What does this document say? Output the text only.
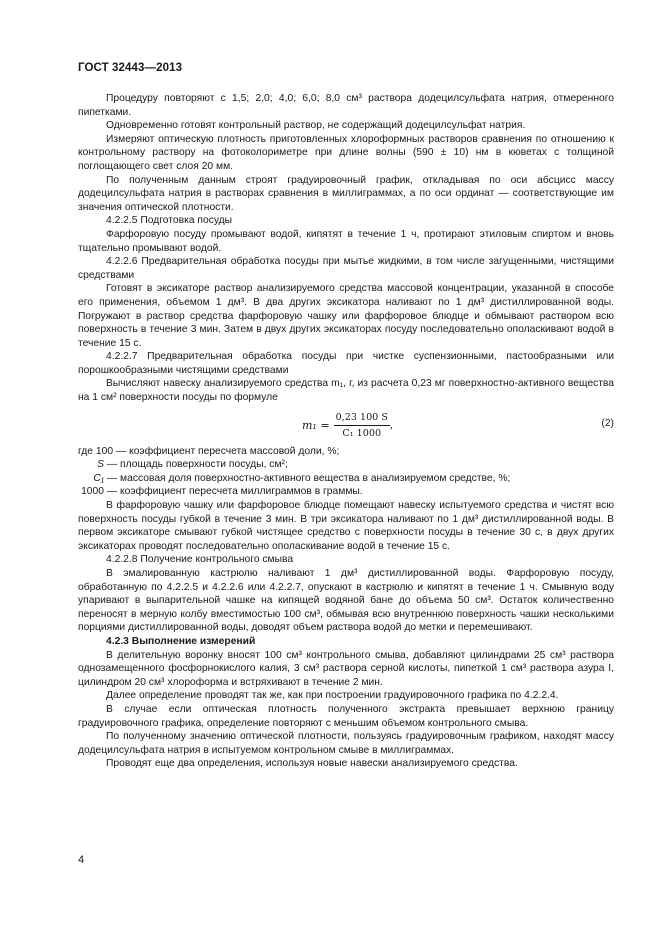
ГОСТ 32443—2013

Процедуру повторяют с 1,5; 2,0; 4,0; 6,0; 8,0 см³ раствора додецилсульфата натрия, отмеренного пипетками.

Одновременно готовят контрольный раствор, не содержащий додецилсульфат натрия.

Измеряют оптическую плотность приготовленных хлороформных растворов сравнения по отношению к контрольному раствору на фотоколориметре при длине волны (590 ± 10) нм в кюветах с толщиной поглощающего свет слоя 20 мм.

По полученным данным строят градуировочный график, откладывая по оси абсцисс массу додецилсульфата натрия в растворах сравнения в миллиграммах, а по оси ординат — соответствующие им значения оптической плотности.

4.2.2.5 Подготовка посуды

Фарфоровую посуду промывают водой, кипятят в течение 1 ч, протирают этиловым спиртом и вновь тщательно промывают водой.

4.2.2.6 Предварительная обработка посуды при мытье жидкими, в том числе загущенными, чистящими средствами

Готовят в эксикаторе раствор анализируемого средства массовой концентрации, указанной в способе его применения, объемом 1 дм³. В два других эксикатора наливают по 1 дм³ дистиллированной воды. Погружают в раствор средства фарфоровую чашку или фарфоровое блюдце и обмывают раствором всю поверхность в течение 3 мин. Затем в двух других эксикаторах посуду последовательно ополаскивают водой в течение 15 с.

4.2.2.7 Предварительная обработка посуды при чистке суспензионными, пастообразными или порошкообразными чистящими средствами

Вычисляют навеску анализируемого средства m₁, г, из расчета 0,23 мг поверхностно-активного вещества на 1 см² поверхности посуды по формуле

$m_1 = \frac{0,23 100 S}{\text{C₁ 1000}}$ ,	(2)

где 100 — коэффициент пересчета массовой доли, %;

S — площадь поверхности посуды, см²;

C₁ — массовая доля поверхностно-активного вещества в анализируемом средстве, %;

1000 — коэффициент пересчета миллиграммов в граммы.

В фарфоровую чашку или фарфоровое блюдце помещают навеску испытуемого средства и чистят всю поверхность посуды губкой в течение 3 мин. В три эксикатора наливают по 1 дм³ дистиллированной воды. В первом эксикаторе смывают губкой чистящее средство с поверхности посуды в течение 30 с, в двух других эксикаторах проводят последовательно ополаскивание водой в течение 15 с.

4.2.2.8 Получение контрольного смыва

В эмалированную кастрюлю наливают 1 дм³ дистиллированной воды. Фарфоровую посуду, обработанную по 4.2.2.5 и 4.2.2.6 или 4.2.2.7, опускают в кастрюлю и кипятят в течение 1 ч. Смывную воду упаривают в выпарительной чашке на кипящей водяной бане до объема 50 см³. Остаток количественно переносят в мерную колбу вместимостью 100 см³, обмывая всю внутреннюю поверхность чашки несколькими порциями дистиллированной воды, доводят объем раствора водой до метки и перемешивают.

4.2.3 Выполнение измерений

В делительную воронку вносят 100 см³ контрольного смыва, добавляют цилиндрами 25 см³ раствора однозамещенного фосфорнокислого калия, 3 см³ раствора серной кислоты, пипеткой 1 см³ раствора азура I, цилиндром 20 см³ хлороформа и встряхивают в течение 2 мин.

Далее определение проводят так же, как при построении градуировочного графика по 4.2.2.4.

В случае если оптическая плотность полученного экстракта превышает верхнюю границу градуировочного графика, определение повторяют с меньшим объемом контрольного смыва.

По полученному значению оптической плотности, пользуясь градуировочным графиком, находят массу додецилсульфата натрия в испытуемом контрольном смыве в миллиграммах.

Проводят еще два определения, используя новые навески анализируемого средства.

4
